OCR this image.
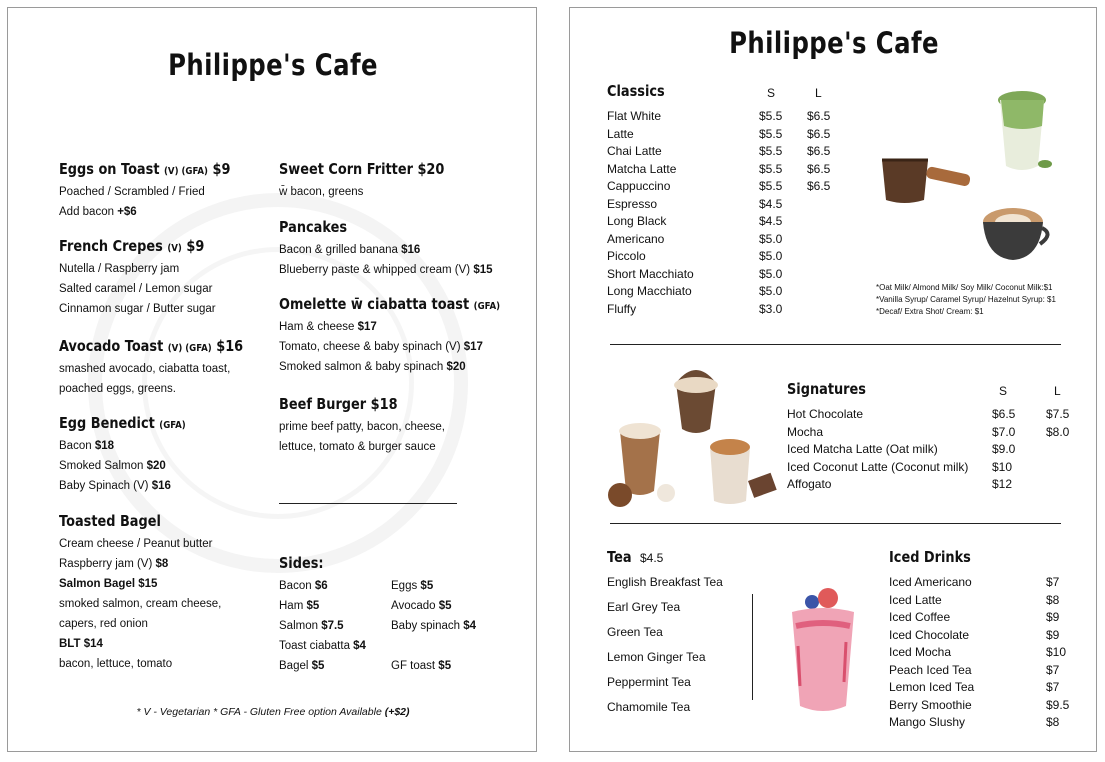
Philippe's Cafe
Eggs on Toast (V) (GFA) $9
Poached / Scrambled / Fried
Add bacon +$6
French Crepes (V) $9
Nutella / Raspberry jam
Salted caramel / Lemon sugar
Cinnamon sugar / Butter sugar
Avocado Toast (V) (GFA) $16
smashed avocado, ciabatta toast,
poached eggs, greens.
Egg Benedict (GFA)
Bacon $18
Smoked Salmon $20
Baby Spinach (V) $16
Toasted Bagel
Cream cheese / Peanut butter
Raspberry jam (V) $8
Salmon Bagel $15
smoked salmon, cream cheese,
capers, red onion
BLT $14
bacon, lettuce, tomato
Sweet Corn Fritter $20
w̄ bacon, greens
Pancakes
Bacon & grilled banana $16
Blueberry paste & whipped cream (V) $15
Omelette w̄ ciabatta toast (GFA)
Ham & cheese $17
Tomato, cheese & baby spinach (V) $17
Smoked salmon & baby spinach $20
Beef Burger $18
prime beef patty, bacon, cheese,
lettuce, tomato & burger sauce
Sides:
Bacon $6	Eggs $5
Ham $5	Avocado $5
Salmon $7.5	Baby spinach $4
Toast ciabatta $4
Bagel $5	GF toast $5
* V - Vegetarian * GFA - Gluten Free option Available (+$2)
Philippe's Cafe
Classics	S	L
Flat White	$5.5 $6.5
Latte	$5.5 $6.5
Chai Latte	$5.5 $6.5
Matcha Latte	$5.5 $6.5
Cappuccino	$5.5 $6.5
Espresso	$4.5
Long Black	$4.5
Americano	$5.0
Piccolo	$5.0
Short Macchiato	$5.0
Long Macchiato	$5.0
Fluffy	$3.0
*Oat Milk/ Almond Milk/ Soy Milk/ Coconut Milk:$1
*Vanilla Syrup/ Caramel Syrup/ Hazelnut Syrup: $1
*Decaf/ Extra Shot/ Cream: $1
Signatures	S	L
Hot Chocolate	$6.5	$7.5
Mocha	$7.0	$8.0
Iced Matcha Latte (Oat milk)	$9.0
Iced Coconut Latte (Coconut milk) $10
Affogato	$12
Tea $4.5
English Breakfast Tea
Earl Grey Tea
Green Tea
Lemon Ginger Tea
Peppermint Tea
Chamomile Tea
Iced Drinks
Iced Americano	$7
Iced Latte	$8
Iced Coffee	$9
Iced Chocolate	$9
Iced Mocha	$10
Peach Iced Tea	$7
Lemon Iced Tea	$7
Berry Smoothie	$9.5
Mango Slushy	$8
